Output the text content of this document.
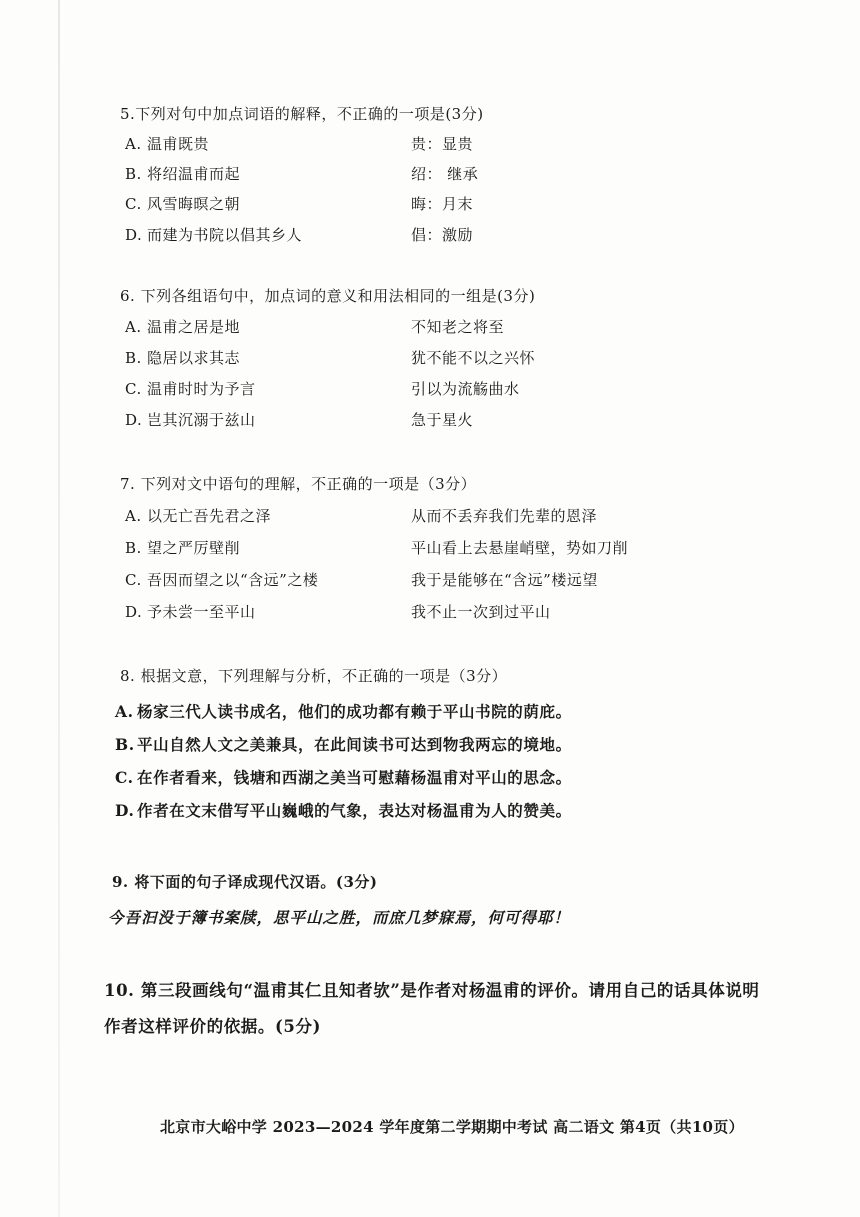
5.下列对句中加点词语的解释，不正确的一项是(3分)
A. 温甫既贵	贵：显贵
B. 将绍温甫而起	绍： 继承
C. 风雪晦暝之朝	晦：月末
D. 而建为书院以倡其乡人	倡：激励
6. 下列各组语句中，加点词的意义和用法相同的一组是(3分)
A. 温甫之居是地	不知老之将至
B. 隐居以求其志	犹不能不以之兴怀
C. 温甫时时为予言	引以为流觞曲水
D. 岂其沉溺于兹山	急于星火
7. 下列对文中语句的理解，不正确的一项是（3分）
A. 以无亡吾先君之泽	从而不丢弃我们先辈的恩泽
B. 望之严厉壁削	平山看上去悬崖峭壁，势如刀削
C. 吾因而望之以“含远”之楼	我于是能够在“含远”楼远望
D. 予未尝一至平山	我不止一次到过平山
8. 根据文意，下列理解与分析，不正确的一项是（3分）
A. 杨家三代人读书成名，他们的成功都有赖于平山书院的荫庇。
B. 平山自然人文之美兼具，在此间读书可达到物我两忘的境地。
C. 在作者看来，钱塘和西湖之美当可慰藉杨温甫对平山的思念。
D. 作者在文末借写平山巍峨的气象，表达对杨温甫为人的赞美。
9. 将下面的句子译成现代汉语。(3分)
今吾汩没于簿书案牍，思平山之胜，而庶几梦寐焉，何可得耶！
10. 第三段画线句“温甫其仁且知者欤”是作者对杨温甫的评价。请用自己的话具体说明
作者这样评价的依据。(5分)
北京市大峪中学 2023—2024 学年度第二学期期中考试 高二语文 第4页（共10页）
